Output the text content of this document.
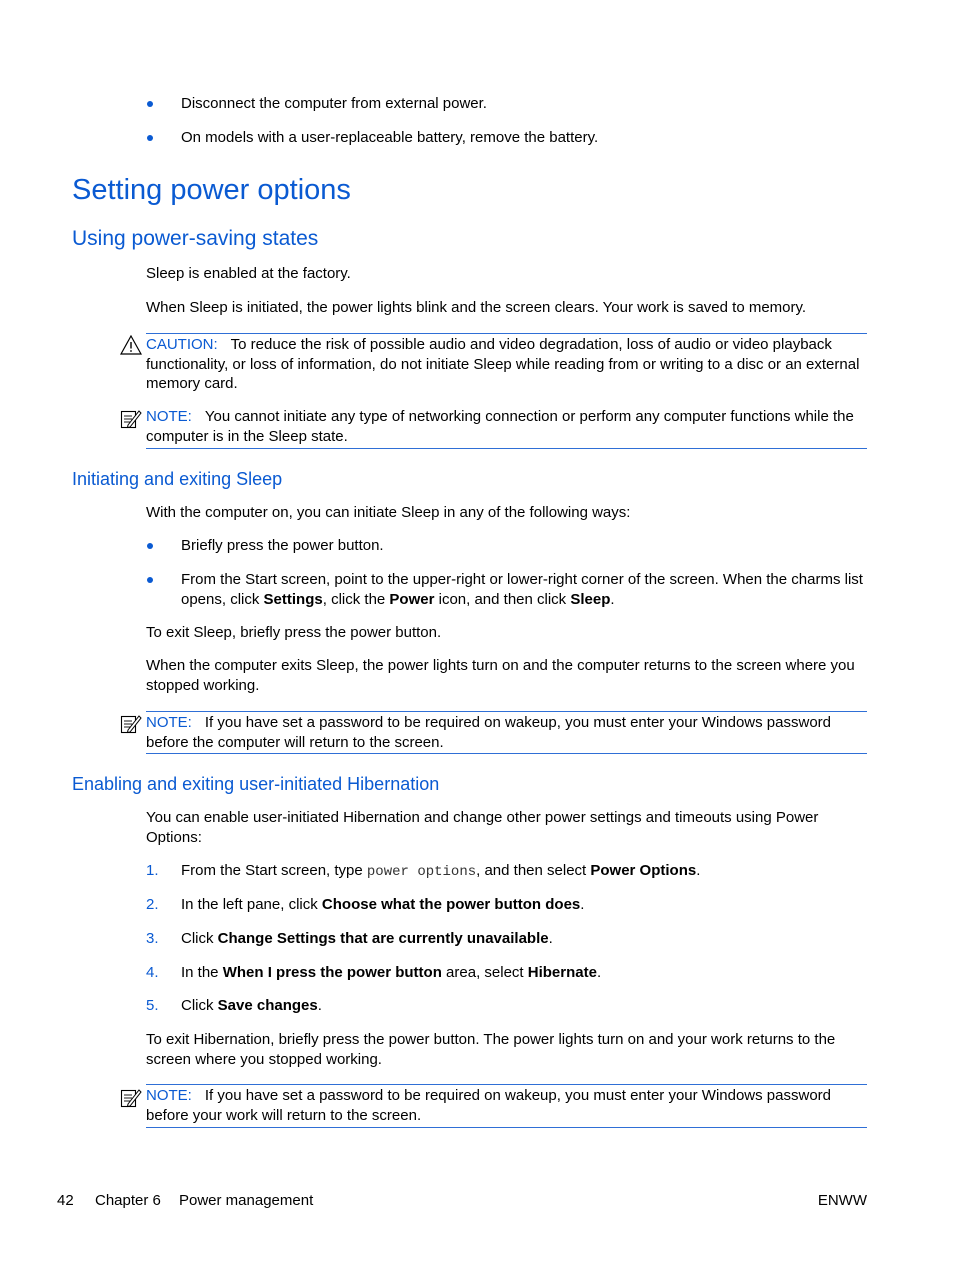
Disconnect the computer from external power.
On models with a user-replaceable battery, remove the battery.
Setting power options
Using power-saving states
Sleep is enabled at the factory.
When Sleep is initiated, the power lights blink and the screen clears. Your work is saved to memory.
CAUTION: To reduce the risk of possible audio and video degradation, loss of audio or video playback functionality, or loss of information, do not initiate Sleep while reading from or writing to a disc or an external memory card.
NOTE: You cannot initiate any type of networking connection or perform any computer functions while the computer is in the Sleep state.
Initiating and exiting Sleep
With the computer on, you can initiate Sleep in any of the following ways:
Briefly press the power button.
From the Start screen, point to the upper-right or lower-right corner of the screen. When the charms list opens, click Settings, click the Power icon, and then click Sleep.
To exit Sleep, briefly press the power button.
When the computer exits Sleep, the power lights turn on and the computer returns to the screen where you stopped working.
NOTE: If you have set a password to be required on wakeup, you must enter your Windows password before the computer will return to the screen.
Enabling and exiting user-initiated Hibernation
You can enable user-initiated Hibernation and change other power settings and timeouts using Power Options:
1. From the Start screen, type power options, and then select Power Options.
2. In the left pane, click Choose what the power button does.
3. Click Change Settings that are currently unavailable.
4. In the When I press the power button area, select Hibernate.
5. Click Save changes.
To exit Hibernation, briefly press the power button. The power lights turn on and your work returns to the screen where you stopped working.
NOTE: If you have set a password to be required on wakeup, you must enter your Windows password before your work will return to the screen.
42 Chapter 6 Power management	ENWW
